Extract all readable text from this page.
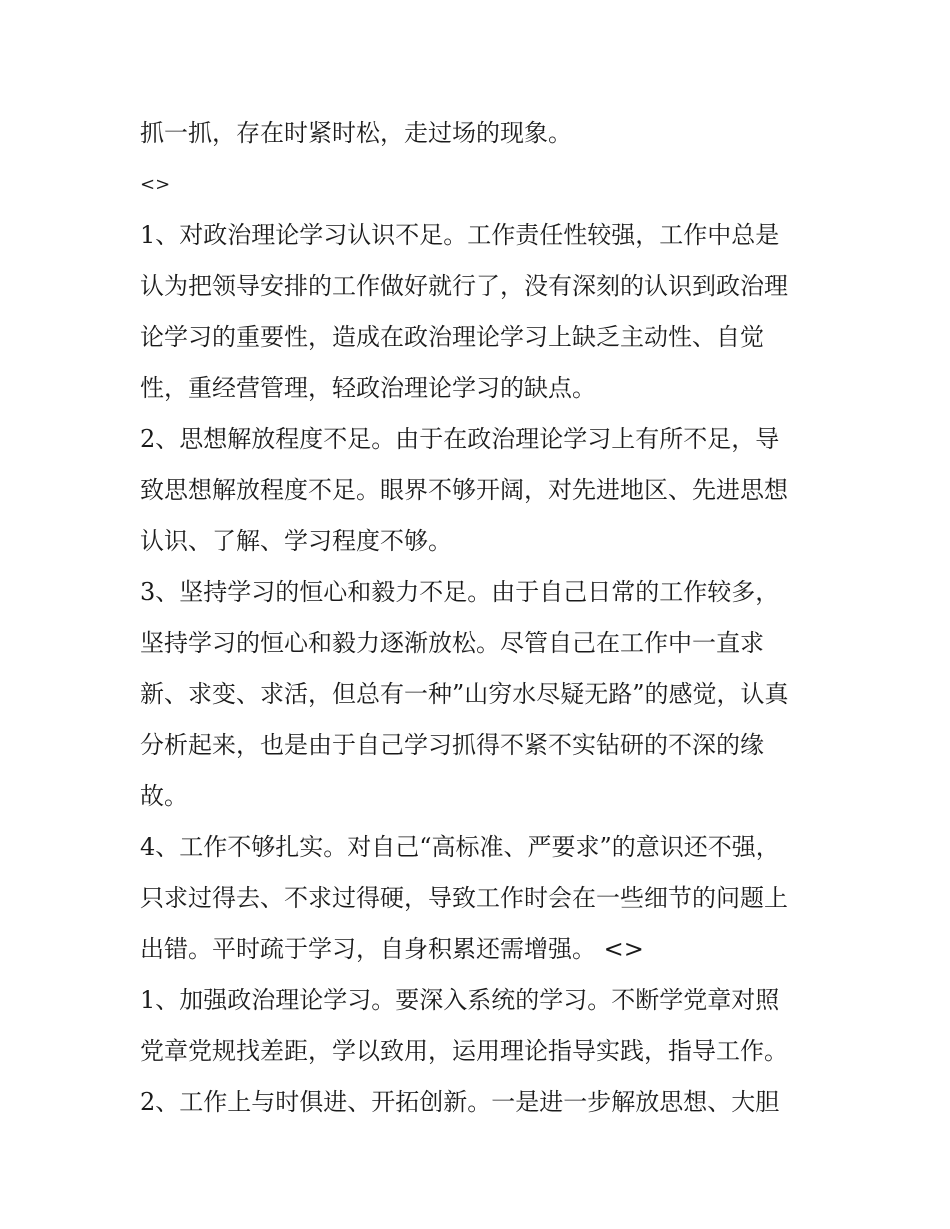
抓一抓，存在时紧时松，走过场的现象。
<>
1、对政治理论学习认识不足。工作责任性较强，工作中总是
认为把领导安排的工作做好就行了，没有深刻的认识到政治理
论学习的重要性，造成在政治理论学习上缺乏主动性、自觉
性，重经营管理，轻政治理论学习的缺点。
2、思想解放程度不足。由于在政治理论学习上有所不足，导
致思想解放程度不足。眼界不够开阔，对先进地区、先进思想
认识、了解、学习程度不够。
3、坚持学习的恒心和毅力不足。由于自己日常的工作较多，
坚持学习的恒心和毅力逐渐放松。尽管自己在工作中一直求
新、求变、求活，但总有一种”山穷水尽疑无路”的感觉，认真
分析起来，也是由于自己学习抓得不紧不实钻研的不深的缘
故。
4、工作不够扎实。对自己“高标准、严要求”的意识还不强，
只求过得去、不求过得硬，导致工作时会在一些细节的问题上
出错。平时疏于学习，自身积累还需增强。 <>
1、加强政治理论学习。要深入系统的学习。不断学党章对照
党章党规找差距，学以致用，运用理论指导实践，指导工作。
2、工作上与时俱进、开拓创新。一是进一步解放思想、大胆
